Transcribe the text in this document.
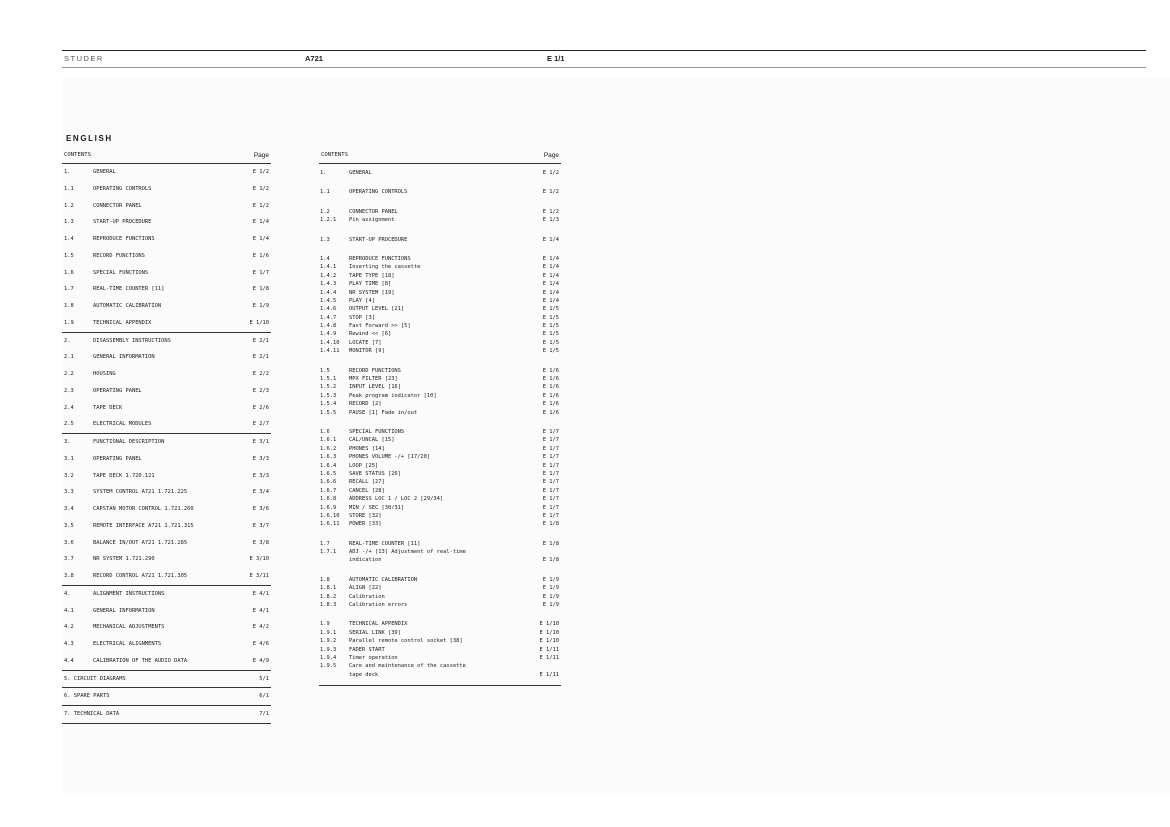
STUDER	A721	E 1/1
ENGLISH
CONTENTS	Page
1.	GENERAL	E 1/2
1.1	OPERATING CONTROLS	E 1/2
1.2	CONNECTOR PANEL	E 1/2
1.3	START-UP PROCEDURE	E 1/4
1.4	REPRODUCE FUNCTIONS	E 1/4
1.5	RECORD FUNCTIONS	E 1/6
1.6	SPECIAL FUNCTIONS	E 1/7
1.7	REAL-TIME COUNTER [11]	E 1/8
1.8	AUTOMATIC CALIBRATION	E 1/9
1.9	TECHNICAL APPENDIX	E 1/10
2.	DISASSEMBLY INSTRUCTIONS	E 2/1
2.1	GENERAL INFORMATION	E 2/1
2.2	HOUSING	E 2/2
2.3	OPERATING PANEL	E 2/3
2.4	TAPE DECK	E 2/6
2.5	ELECTRICAL MODULES	E 2/7
3.	FUNCTIONAL DESCRIPTION	E 3/1
3.1	OPERATING PANEL	E 3/3
3.2	TAPE DECK 1.720.121	E 3/3
3.3	SYSTEM CONTROL A721 1.721.225	E 3/4
3.4	CAPSTAN MOTOR CONTROL 1.721.260	E 3/6
3.5	REMOTE INTERFACE A721 1.721.315	E 3/7
3.6	BALANCE IN/OUT A721 1.721.285	E 3/8
3.7	NR SYSTEM 1.721.290	E 3/10
3.8	RECORD CONTROL A721 1.721.305	E 3/11
4.	ALIGNMENT INSTRUCTIONS	E 4/1
4.1	GENERAL INFORMATION	E 4/1
4.2	MECHANICAL ADJUSTMENTS	E 4/2
4.3	ELECTRICAL ALIGNMENTS	E 4/6
4.4	CALIBRATION OF THE AUDIO DATA	E 4/9
5. CIRCUIT DIAGRAMS	5/1
6. SPARE PARTS	6/1
7. TECHNICAL DATA	7/1
CONTENTS	Page
1.	GENERAL	E 1/2
1.1	OPERATING CONTROLS	E 1/2
1.2	CONNECTOR PANEL	E 1/2
1.2.1 Pin assignment	E 1/3
1.3	START-UP PROCEDURE	E 1/4
1.4	REPRODUCE FUNCTIONS	E 1/4
1.4.1 Inserting the cassette	E 1/4
1.4.2 TAPE TYPE [18]	E 1/4
1.4.3 PLAY TIME [8]	E 1/4
1.4.4 NR SYSTEM [19]	E 1/4
1.4.5 PLAY [4]	E 1/4
1.4.6 OUTPUT LEVEL [21]	E 1/5
1.4.7 STOP [3]	E 1/5
1.4.8 Fast Forward >> [5]	E 1/5
1.4.9 Rewind << [6]	E 1/5
1.4.10 LOCATE [7]	E 1/5
1.4.11 MONITOR [9]	E 1/5
1.5	RECORD FUNCTIONS	E 1/6
1.5.1 MPX FILTER [23]	E 1/6
1.5.2 INPUT LEVEL [16]	E 1/6
1.5.3 Peak program indicator [10]	E 1/6
1.5.4 RECORD [2]	E 1/6
1.5.5 PAUSE [1] Fade in/out	E 1/6
1.6	SPECIAL FUNCTIONS	E 1/7
1.6.1 CAL/UNCAL [15]	E 1/7
1.6.2 PHONES [14]	E 1/7
1.6.3 PHONES VOLUME -/+ [17/20]	E 1/7
1.6.4 LOOP [25]	E 1/7
1.6.5 SAVE STATUS [26]	E 1/7
1.6.6 RECALL [27]	E 1/7
1.6.7 CANCEL [28]	E 1/7
1.6.8 ADDRESS LOC 1 / LOC 2 [29/34]	E 1/7
1.6.9 MIN / SEC [30/31]	E 1/7
1.6.10 STORE [32]	E 1/7
1.6.11 POWER [33]	E 1/8
1.7	REAL-TIME COUNTER [11]	E 1/8
1.7.1 ADJ -/+ [13] Adjustment of real-time
indication	E 1/8
1.8	AUTOMATIC CALIBRATION	E 1/9
1.8.1 ALIGN [22]	E 1/9
1.8.2 Calibration	E 1/9
1.8.3 Calibration errors	E 1/9
1.9	TECHNICAL APPENDIX	E 1/10
1.9.1 SERIAL LINK [39]	E 1/10
1.9.2 Parallel remote control socket [38]	E 1/10
1.9.3 FADER START	E 1/11
1.9.4 Timer operation	E 1/11
1.9.5 Care and maintenance of the cassette
tape deck	E 1/11
